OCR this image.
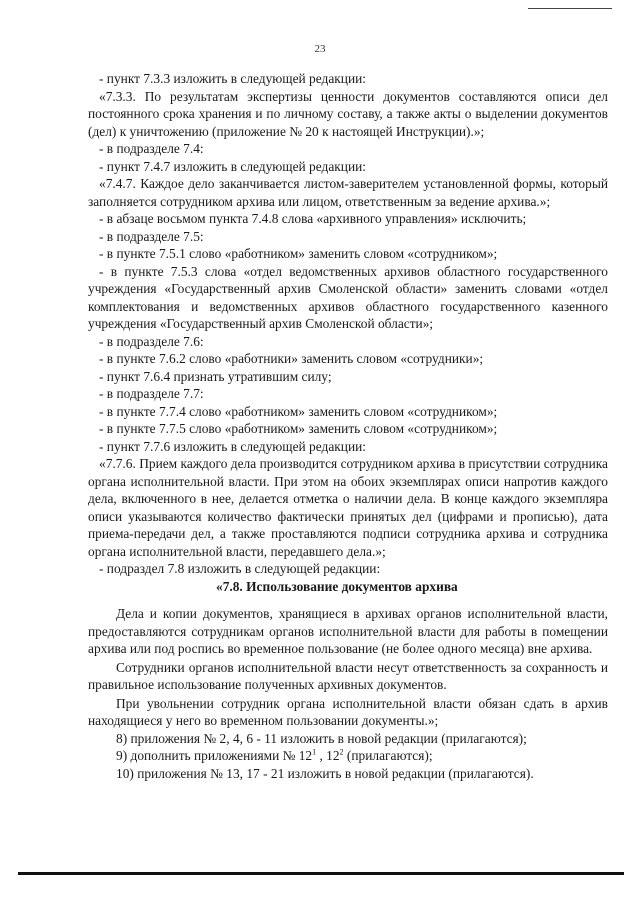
23

- пункт 7.3.3 изложить в следующей редакции:

«7.3.3. По результатам экспертизы ценности документов составляются описи дел постоянного срока хранения и по личному составу, а также акты о выделении документов (дел) к уничтожению (приложение № 20 к настоящей Инструкции).»;

- в подразделе 7.4:

- пункт 7.4.7 изложить в следующей редакции:

«7.4.7. Каждое дело заканчивается листом-заверителем установленной формы, который заполняется сотрудником архива или лицом, ответственным за ведение архива.»;

- в абзаце восьмом пункта 7.4.8 слова «архивного управления» исключить;

- в подразделе 7.5:

- в пункте 7.5.1 слово «работником» заменить словом «сотрудником»;

- в пункте 7.5.3 слова «отдел ведомственных архивов областного государственного учреждения «Государственный архив Смоленской области» заменить словами «отдел комплектования и ведомственных архивов областного государственного казенного учреждения «Государственный архив Смоленской области»;

- в подразделе 7.6:

- в пункте 7.6.2 слово «работники» заменить словом «сотрудники»;

- пункт 7.6.4 признать утратившим силу;

- в подразделе 7.7:

- в пункте 7.7.4 слово «работником» заменить словом «сотрудником»;

- в пункте 7.7.5 слово «работником» заменить словом «сотрудником»;

- пункт 7.7.6 изложить в следующей редакции:

«7.7.6. Прием каждого дела производится сотрудником архива в присутствии сотрудника органа исполнительной власти. При этом на обоих экземплярах описи напротив каждого дела, включенного в нее, делается отметка о наличии дела. В конце каждого экземпляра описи указываются количество фактически принятых дел (цифрами и прописью), дата приема-передачи дел, а также проставляются подписи сотрудника архива и сотрудника органа исполнительной власти, передавшего дела.»;

- подраздел 7.8 изложить в следующей редакции:

«7.8. Использование документов архива

Дела и копии документов, хранящиеся в архивах органов исполнительной власти, предоставляются сотрудникам органов исполнительной власти для работы в помещении архива или под роспись во временное пользование (не более одного месяца) вне архива.

Сотрудники органов исполнительной власти несут ответственность за сохранность и правильное использование полученных архивных документов.

При увольнении сотрудник органа исполнительной власти обязан сдать в архив находящиеся у него во временном пользовании документы.»;

8) приложения № 2, 4, 6 - 11 изложить в новой редакции (прилагаются);

9) дополнить приложениями № $12^1$ , $12^2$ (прилагаются);

10) приложения № 13, 17 - 21 изложить в новой редакции (прилагаются).
